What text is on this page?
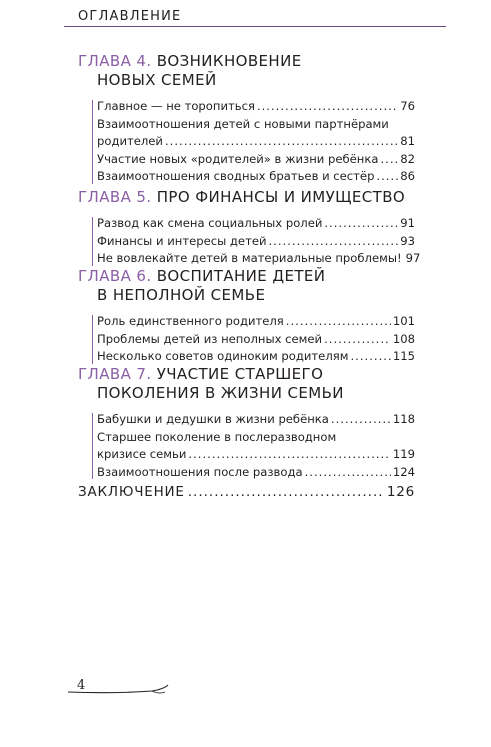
ОГЛАВЛЕНИЕ
ГЛАВА 4. ВОЗНИКНОВЕНИЕ
НОВЫХ СЕМЕЙ
Главное — не торопиться .....	76
Взаимоотношения детей с новыми партнёрами
родителей .....	81
Участие новых «родителей» в жизни ребёнка ..... 82
Взаимоотношения сводных братьев и сестёр ..... 86
ГЛАВА 5. ПРО ФИНАНСЫ И ИМУЩЕСТВО
Развод как смена социальных ролей .....	91
Финансы и интересы детей .....	93
Не вовлекайте детей в материальные проблемы! 97
ГЛАВА 6. ВОСПИТАНИЕ ДЕТЕЙ
В НЕПОЛНОЙ СЕМЬЕ
Роль единственного родителя .....	101
Проблемы детей из неполных семей .....	108
Несколько советов одиноким родителям .....	115
ГЛАВА 7. УЧАСТИЕ СТАРШЕГО
ПОКОЛЕНИЯ В ЖИЗНИ СЕМЬИ
Бабушки и дедушки в жизни ребёнка .....	118
Старшее поколение в послеразводном
кризисе семьи .....	119
Взаимоотношения после развода .....	124
ЗАКЛЮЧЕНИЕ .....	126
4
